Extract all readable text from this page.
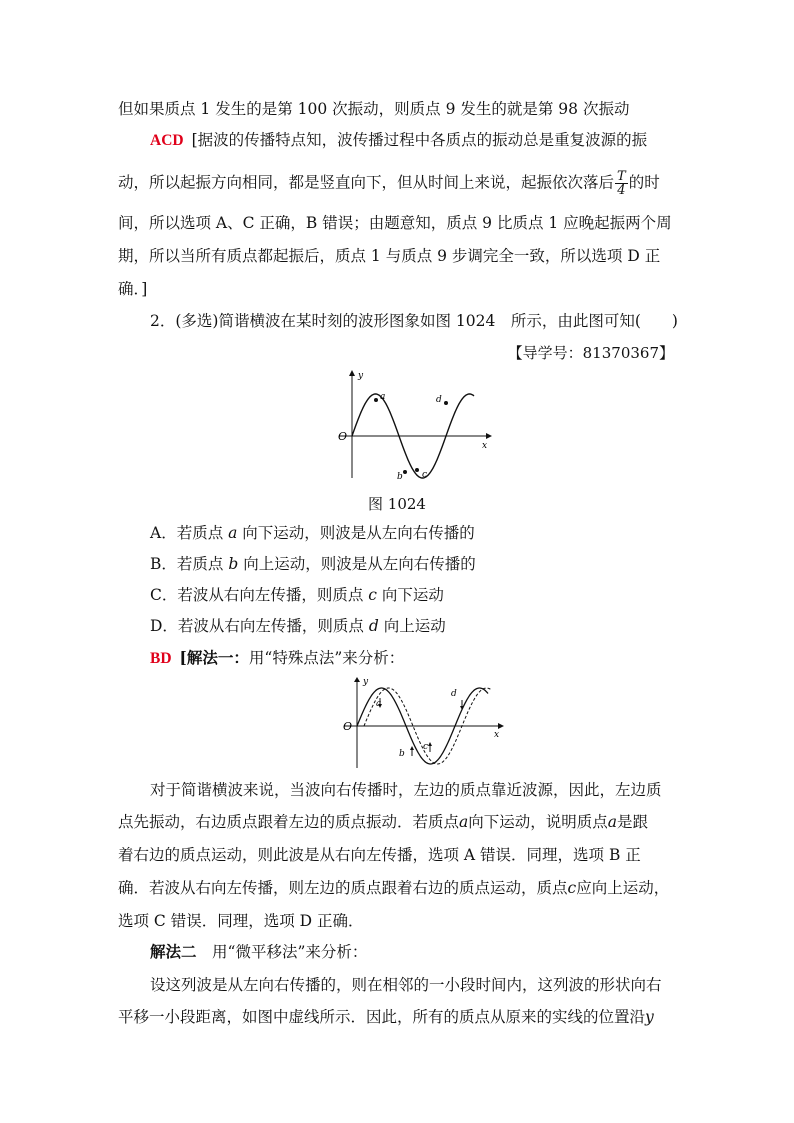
但如果质点 1 发生的是第 100 次振动，则质点 9 发生的就是第 98 次振动
ACD [据波的传播特点知，波传播过程中各质点的振动总是重复波源的振
动，所以起振方向相同，都是竖直向下，但从时间上来说，起振依次落后 $\frac{T}{4}$ 的时
间，所以选项 A、C 正确，B 错误；由题意知，质点 9 比质点 1 应晚起振两个周
期，所以当所有质点都起振后，质点 1 与质点 9 步调完全一致，所以选项 D 正
确．]
2．(多选)简谐横波在某时刻的波形图象如图 1024　所示，由此图可知(　　)
【导学号：81370367】
y
x
O
a
b c
d
图 1024
A．若质点 a 向下运动，则波是从左向右传播的
B．若质点 b 向上运动，则波是从左向右传播的
C．若波从右向左传播，则质点 c 向下运动
D．若波从右向左传播，则质点 d 向上运动
BD [解法一：用“特殊点法”来分析：
y
x
O
a
b
c
d
对于简谐横波来说，当波向右传播时，左边的质点靠近波源，因此，左边质
点先振动，右边质点跟着左边的质点振动．若质点a向下运动，说明质点a是跟
着右边的质点运动，则此波是从右向左传播，选项 A 错误．同理，选项 B 正
确．若波从右向左传播，则左边的质点跟着右边的质点运动，质点c应向上运动，
选项 C 错误．同理，选项 D 正确．
解法二　用“微平移法”来分析：
设这列波是从左向右传播的，则在相邻的一小段时间内，这列波的形状向右
平移一小段距离，如图中虚线所示．因此，所有的质点从原来的实线的位置沿y
